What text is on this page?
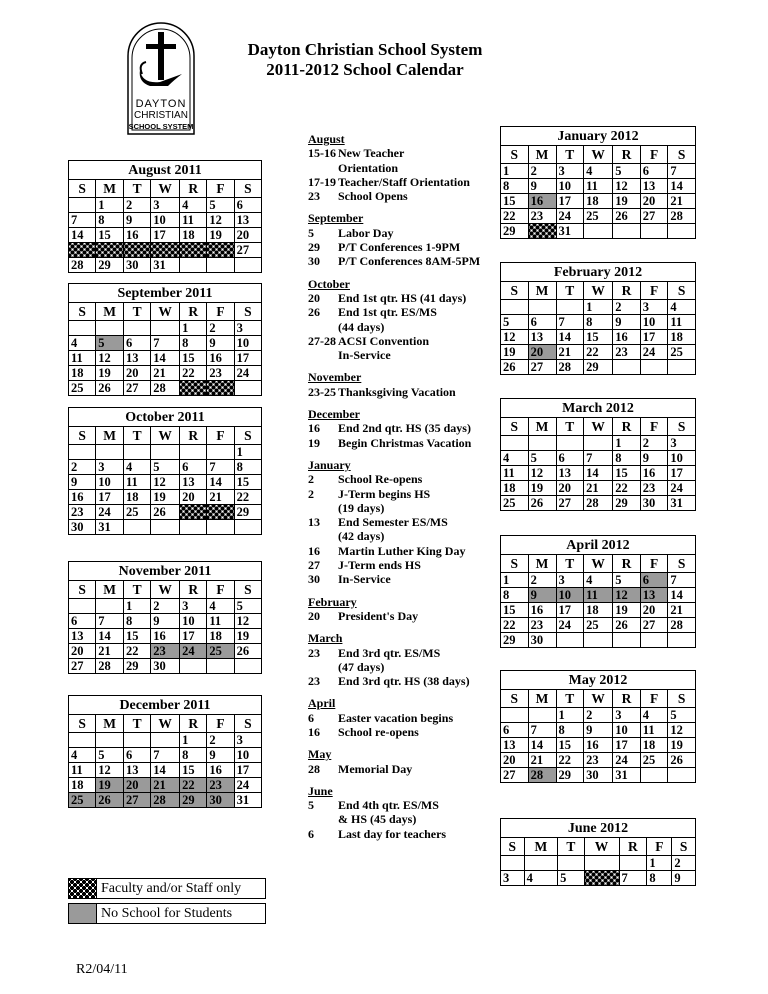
DAYTON
CHRISTIAN
SCHOOL SYSTEM
Dayton Christian School System
2011-2012 School Calendar
August 2011						
S	M	T	W	R	F	S
	1	2	3	4	5	6
7	8	9	10	11	12	13
14	15	16	17	18	19	20
						27
28	29	30	31			
September 2011						
S	M	T	W	R	F	S
				1	2	3
4	5	6	7	8	9	10
11	12	13	14	15	16	17
18	19	20	21	22	23	24
25	26	27	28			
October 2011						
S	M	T	W	R	F	S
						1
2	3	4	5	6	7	8
9	10	11	12	13	14	15
16	17	18	19	20	21	22
23	24	25	26			29
30	31					
November 2011						
S	M	T	W	R	F	S
		1	2	3	4	5
6	7	8	9	10	11	12
13	14	15	16	17	18	19
20	21	22	23	24	25	26
27	28	29	30			
December 2011						
S	M	T	W	R	F	S
				1	2	3
4	5	6	7	8	9	10
11	12	13	14	15	16	17
18	19	20	21	22	23	24
25	26	27	28	29	30	31
January 2012						
S	M	T	W	R	F	S
1	2	3	4	5	6	7
8	9	10	11	12	13	14
15	16	17	18	19	20	21
22	23	24	25	26	27	28
29		31				
February 2012						
S	M	T	W	R	F	S
			1	2	3	4
5	6	7	8	9	10	11
12	13	14	15	16	17	18
19	20	21	22	23	24	25
26	27	28	29			
March 2012						
S	M	T	W	R	F	S
				1	2	3
4	5	6	7	8	9	10
11	12	13	14	15	16	17
18	19	20	21	22	23	24
25	26	27	28	29	30	31
April 2012						
S	M	T	W	R	F	S
1	2	3	4	5	6	7
8	9	10	11	12	13	14
15	16	17	18	19	20	21
22	23	24	25	26	27	28
29	30					
May 2012						
S	M	T	W	R	F	S
		1	2	3	4	5
6	7	8	9	10	11	12
13	14	15	16	17	18	19
20	21	22	23	24	25	26
27	28	29	30	31		
June 2012						
S	M	T	W	R	F	S
					1	2
3	4	5		7	8	9
August
15-16 New Teacher
Orientation
17-19 Teacher/Staff Orientation
23	School Opens
September
5	Labor Day
29	P/T Conferences 1-9PM
30	P/T Conferences 8AM-5PM
October
20	End 1st qtr. HS (41 days)
26	End 1st qtr. ES/MS
(44 days)
27-28 ACSI Convention
In-Service
November
23-25 Thanksgiving Vacation
December
16	End 2nd qtr. HS (35 days)
19	Begin Christmas Vacation
January
2	School Re-opens
2	J-Term begins HS
(19 days)
13	End Semester ES/MS
(42 days)
16	Martin Luther King Day
27	J-Term ends HS
30	In-Service
February
20	President's Day
March
23	End 3rd qtr. ES/MS
(47 days)
23	End 3rd qtr. HS (38 days)
April
6	Easter vacation begins
16	School re-opens
May
28	Memorial Day
June
5	End 4th qtr. ES/MS
& HS (45 days)
6	Last day for teachers
Faculty and/or Staff only
No School for Students
R2/04/11
